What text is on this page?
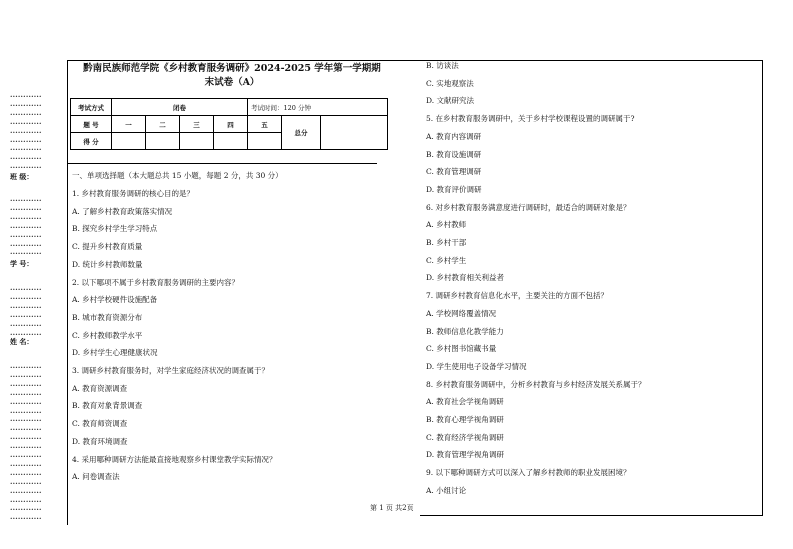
黔南民族师范学院《乡村教育服务调研》2024-2025 学年第一学期期
末试卷（A）
考试方式	闭卷				考试时间：120 分钟		
题 号	一	二	三	四	五	总分	
得 分							
············
············
············
············
············
············
············
············
············
班 级：
············
············
············
············
············
············
············
学 号：
············
············
············
············
············
············
姓 名：
············
············
············
············
············
············
············
············
············
············
············
············
············
············
············
············
············
············
一、单项选择题（本大题总共 15 小题，每题 2 分，共 30 分）
1. 乡村教育服务调研的核心目的是？
A. 了解乡村教育政策落实情况
B. 探究乡村学生学习特点
C. 提升乡村教育质量
D. 统计乡村教师数量
2. 以下哪项不属于乡村教育服务调研的主要内容？
A. 乡村学校硬件设施配备
B. 城市教育资源分布
C. 乡村教师教学水平
D. 乡村学生心理健康状况
3. 调研乡村教育服务时，对学生家庭经济状况的调查属于？
A. 教育资源调查
B. 教育对象背景调查
C. 教育师资调查
D. 教育环境调查
4. 采用哪种调研方法能最直接地观察乡村课堂教学实际情况？
A. 问卷调查法
B. 访谈法
C. 实地观察法
D. 文献研究法
5. 在乡村教育服务调研中，关于乡村学校课程设置的调研属于?
A. 教育内容调研
B. 教育设施调研
C. 教育管理调研
D. 教育评价调研
6. 对乡村教育服务满意度进行调研时，最适合的调研对象是？
A. 乡村教师
B. 乡村干部
C. 乡村学生
D. 乡村教育相关利益者
7. 调研乡村教育信息化水平，主要关注的方面不包括？
A. 学校网络覆盖情况
B. 教师信息化教学能力
C. 乡村图书馆藏书量
D. 学生使用电子设备学习情况
8. 乡村教育服务调研中，分析乡村教育与乡村经济发展关系属于？
A. 教育社会学视角调研
B. 教育心理学视角调研
C. 教育经济学视角调研
D. 教育管理学视角调研
9. 以下哪种调研方式可以深入了解乡村教师的职业发展困境？
A. 小组讨论
第 1 页 共2页
